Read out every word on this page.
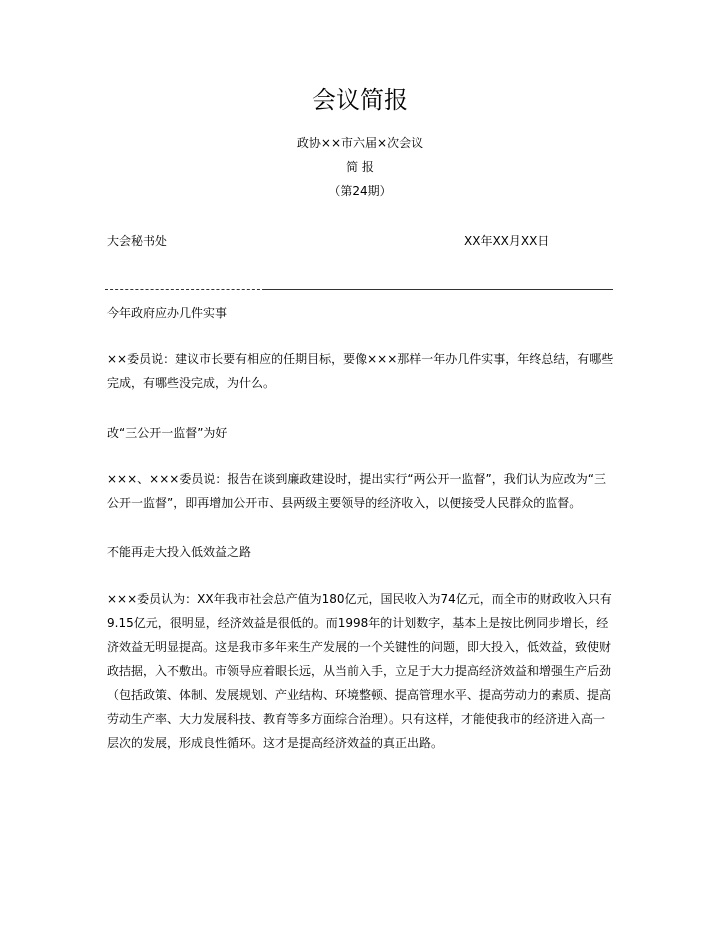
会议简报
政协××市六届×次会议
简 报
（第24期）
大会秘书处	XX年XX月XX日

今年政府应办几件实事

××委员说：建议市长要有相应的任期目标，要像×××那样一年办几件实事，年终总结，有哪些完成，有哪些没完成，为什么。

改“三公开一监督”为好

×××、×××委员说：报告在谈到廉政建设时，提出实行“两公开一监督”，我们认为应改为“三公开一监督”，即再增加公开市、县两级主要领导的经济收入，以便接受人民群众的监督。

不能再走大投入低效益之路

×××委员认为：XX年我市社会总产值为180亿元，国民收入为74亿元，而全市的财政收入只有9.15亿元，很明显，经济效益是很低的。而1998年的计划数字，基本上是按比例同步增长，经济效益无明显提高。这是我市多年来生产发展的一个关键性的问题，即大投入，低效益，致使财政拮据，入不敷出。市领导应着眼长远，从当前入手，立足于大力提高经济效益和增强生产后劲（包括政策、体制、发展规划、产业结构、环境整顿、提高管理水平、提高劳动力的素质、提高劳动生产率、大力发展科技、教育等多方面综合治理）。只有这样，才能使我市的经济进入高一层次的发展，形成良性循环。这才是提高经济效益的真正出路。
